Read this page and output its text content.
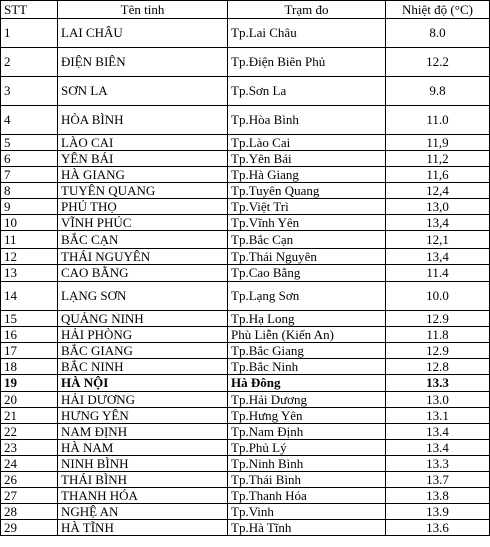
STT	Tên tỉnh	Trạm đo	Nhiệt độ (°C)
1	LAI CHÂU	Tp.Lai Châu	8.0
2	ĐIỆN BIÊN	Tp.Điện Biên Phủ	12.2
3	SƠN LA	Tp.Sơn La	9.8
4	HÒA BÌNH	Tp.Hòa Bình	11.0
5	LÀO CAI	Tp.Lào Cai	11,9
6	YÊN BÁI	Tp.Yên Bái	11,2
7	HÀ GIANG	Tp.Hà Giang	11,6
8	TUYÊN QUANG	Tp.Tuyên Quang	12,4
9	PHÚ THỌ	Tp.Việt Trì	13,0
10	VĨNH PHÚC	Tp.Vĩnh Yên	13,4
11	BẮC CẠN	Tp.Bắc Cạn	12,1
12	THÁI NGUYÊN	Tp.Thái Nguyên	13,4
13	CAO BẰNG	Tp.Cao Bằng	11.4
14	LẠNG SƠN	Tp.Lạng Sơn	10.0
15	QUẢNG NINH	Tp.Hạ Long	12.9
16	HẢI PHÒNG	Phù Liễn (Kiến An)	11.8
17	BẮC GIANG	Tp.Bắc Giang	12.9
18	BẮC NINH	Tp.Bắc Ninh	12.8
19	HÀ NỘI	Hà Đông	13.3
20	HẢI DƯƠNG	Tp.Hải Dương	13.0
21	HƯNG YÊN	Tp.Hưng Yên	13.1
22	NAM ĐỊNH	Tp.Nam Định	13.4
23	HÀ NAM	Tp.Phủ Lý	13.4
24	NINH BÌNH	Tp.Ninh Bình	13.3
26	THÁI BÌNH	Tp.Thái Bình	13.7
27	THANH HÓA	Tp.Thanh Hóa	13.8
28	NGHỆ AN	Tp.Vinh	13.9
29	HÀ TĨNH	Tp.Hà Tĩnh	13.6
